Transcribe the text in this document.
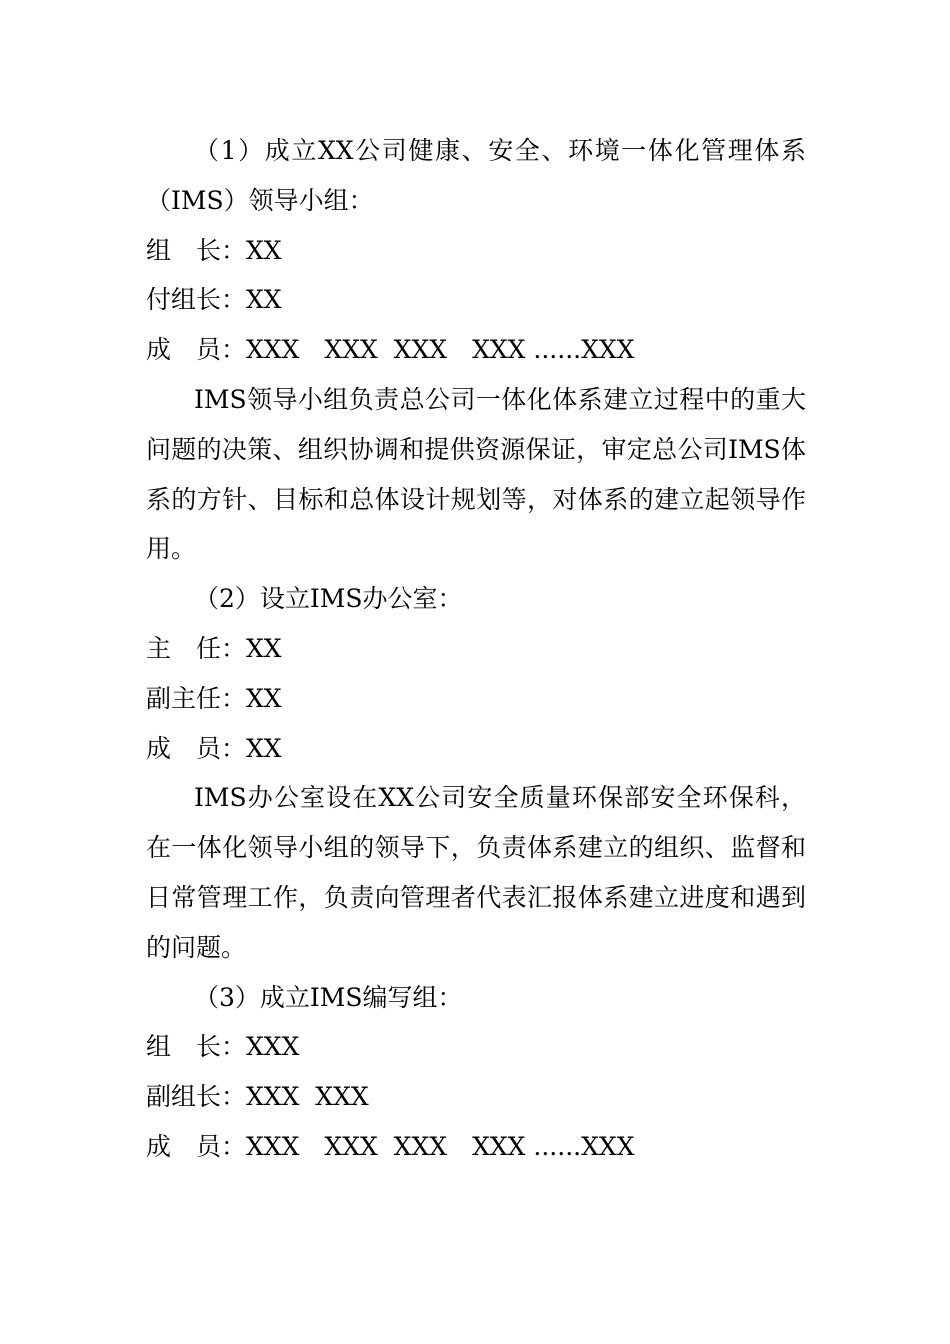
（1）成立XX公司健康、安全、环境一体化管理体系（IMS）领导小组：

组　长：XX

付组长：XX

成　员：XXX　XXX  XXX　XXX ......XXX

IMS领导小组负责总公司一体化体系建立过程中的重大问题的决策、组织协调和提供资源保证，审定总公司IMS体系的方针、目标和总体设计规划等，对体系的建立起领导作用。

（2）设立IMS办公室：

主　任：XX

副主任：XX

成　员：XX

IMS办公室设在XX公司安全质量环保部安全环保科，在一体化领导小组的领导下，负责体系建立的组织、监督和日常管理工作，负责向管理者代表汇报体系建立进度和遇到的问题。

（3）成立IMS编写组：

组　长：XXX

副组长：XXX  XXX

成　员：XXX　XXX  XXX　XXX ......XXX
